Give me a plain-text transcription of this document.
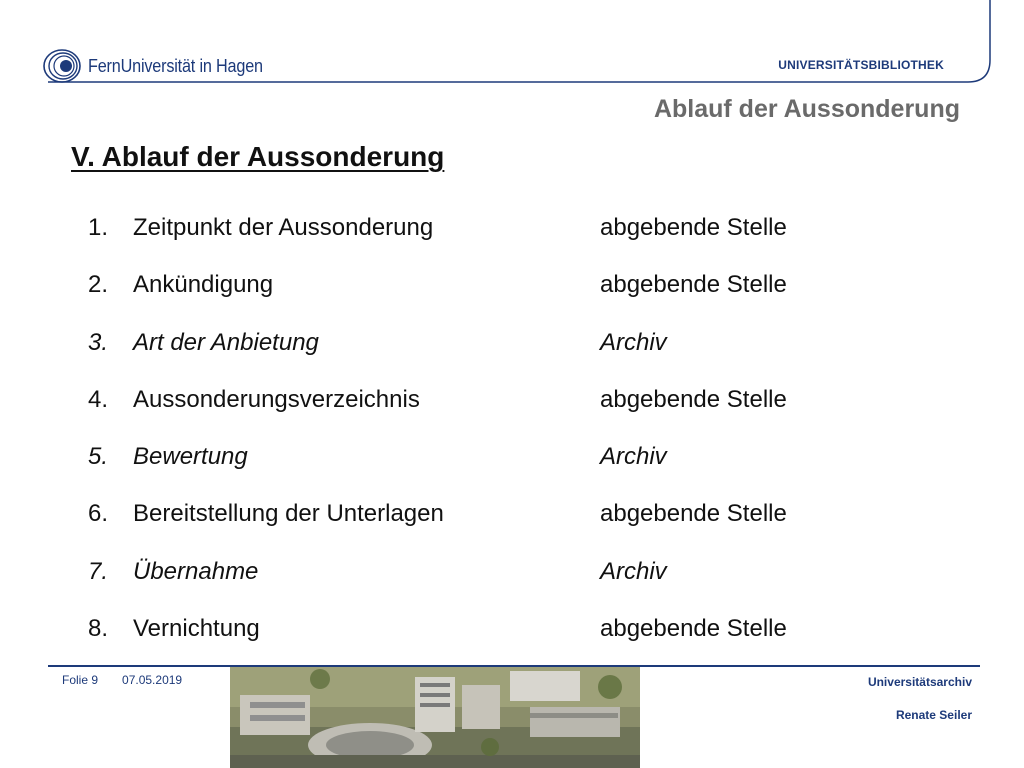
FernUniversität in Hagen	UNIVERSITÄTSBIBLIOTHEK
Ablauf der Aussonderung
V. Ablauf der Aussonderung
1.	Zeitpunkt der Aussonderung	abgebende Stelle
2.	Ankündigung	abgebende Stelle
3.	Art der Anbietung	Archiv
4.	Aussonderungsverzeichnis	abgebende Stelle
5.	Bewertung	Archiv
6.	Bereitstellung der Unterlagen	abgebende Stelle
7.	Übernahme	Archiv
8.	Vernichtung	abgebende Stelle
Folie 9 07.05.2019	Universitätsarchiv
Renate Seiler
